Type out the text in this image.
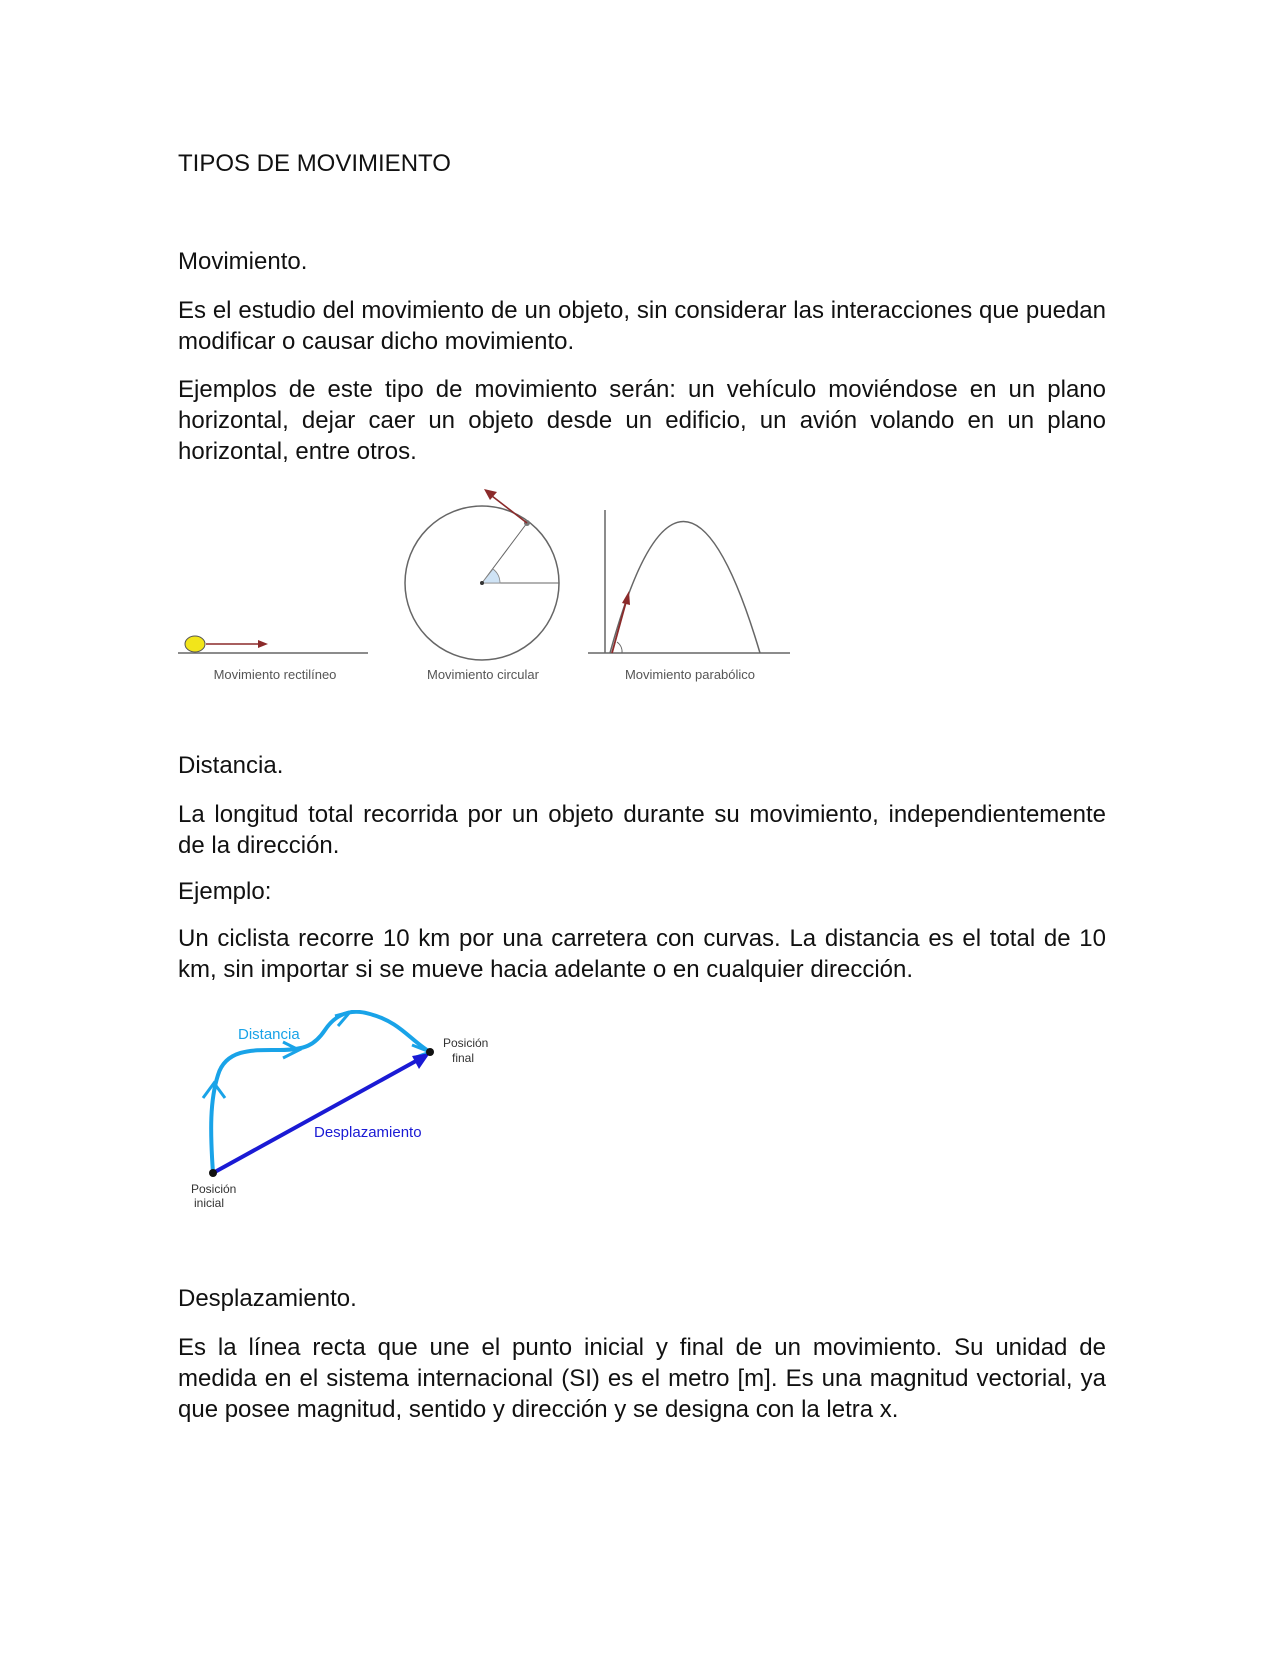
TIPOS DE MOVIMIENTO
Movimiento.

Es el estudio del movimiento de un objeto, sin considerar las interacciones que puedan modificar o causar dicho movimiento.

Ejemplos de este tipo de movimiento serán: un vehículo moviéndose en un plano horizontal, dejar caer un objeto desde un edificio, un avión volando en un plano horizontal, entre otros.

Movimiento rectilíneo	Movimiento circular	Movimiento parabólico
Distancia.

La longitud total recorrida por un objeto durante su movimiento, independientemente de la dirección.

Ejemplo:

Un ciclista recorre 10 km por una carretera con curvas. La distancia es el total de 10 km, sin importar si se mueve hacia adelante o en cualquier dirección.

Distancia
Desplazamiento
Posición
final
Posición
inicial
Desplazamiento.

Es la línea recta que une el punto inicial y final de un movimiento. Su unidad de medida en el sistema internacional (SI) es el metro [m]. Es una magnitud vectorial, ya que posee magnitud, sentido y dirección y se designa con la letra x.
